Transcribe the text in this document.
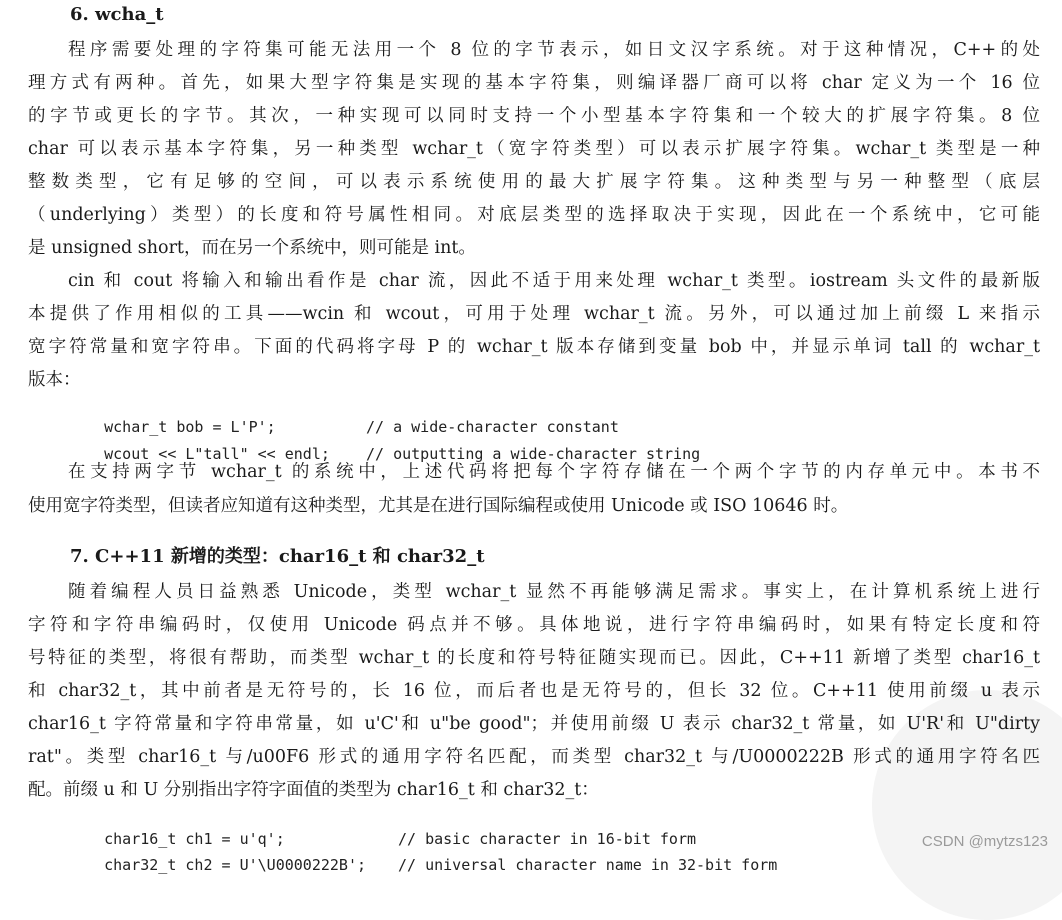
6. wcha_t
程序需要处理的字符集可能无法用一个 8 位的字节表示，如日文汉字系统。对于这种情况，C++的处
理方式有两种。首先，如果大型字符集是实现的基本字符集，则编译器厂商可以将 char 定义为一个 16 位
的字节或更长的字节。其次，一种实现可以同时支持一个小型基本字符集和一个较大的扩展字符集。8 位
char 可以表示基本字符集，另一种类型 wchar_t（宽字符类型）可以表示扩展字符集。wchar_t 类型是一种
整数类型，它有足够的空间，可以表示系统使用的最大扩展字符集。这种类型与另一种整型（底层
（underlying）类型）的长度和符号属性相同。对底层类型的选择取决于实现，因此在一个系统中，它可能
是 unsigned short，而在另一个系统中，则可能是 int。
cin 和 cout 将输入和输出看作是 char 流，因此不适于用来处理 wchar_t 类型。iostream 头文件的最新版
本提供了作用相似的工具——wcin 和 wcout，可用于处理 wchar_t 流。另外，可以通过加上前缀 L 来指示
宽字符常量和宽字符串。下面的代码将字母 P 的 wchar_t 版本存储到变量 bob 中，并显示单词 tall 的 wchar_t
版本：

wchar_t bob = L'P';	// a wide-character constant

wcout << L"tall" << endl; // outputting a wide-character string

在支持两字节 wchar_t 的系统中，上述代码将把每个字符存储在一个两个字节的内存单元中。本书不
使用宽字符类型，但读者应知道有这种类型，尤其是在进行国际编程或使用 Unicode 或 ISO 10646 时。
7. C++11 新增的类型：char16_t 和 char32_t
随着编程人员日益熟悉 Unicode，类型 wchar_t 显然不再能够满足需求。事实上，在计算机系统上进行
字符和字符串编码时，仅使用 Unicode 码点并不够。具体地说，进行字符串编码时，如果有特定长度和符
号特征的类型，将很有帮助，而类型 wchar_t 的长度和符号特征随实现而已。因此，C++11 新增了类型 char16_t
和 char32_t，其中前者是无符号的，长 16 位，而后者也是无符号的，但长 32 位。C++11 使用前缀 u 表示
char16_t 字符常量和字符串常量，如 u'C'和 u"be good"；并使用前缀 U 表示 char32_t 常量，如 U'R'和 U"dirty
rat"。类型 char16_t 与/u00F6 形式的通用字符名匹配，而类型 char32_t 与/U0000222B 形式的通用字符名匹
配。前缀 u 和 U 分别指出字符字面值的类型为 char16_t 和 char32_t：

char16_t ch1 = u'q';	// basic character in 16-bit form

char32_t ch2 = U'\U0000222B'; // universal character name in 32-bit form

CSDN @mytzs123
